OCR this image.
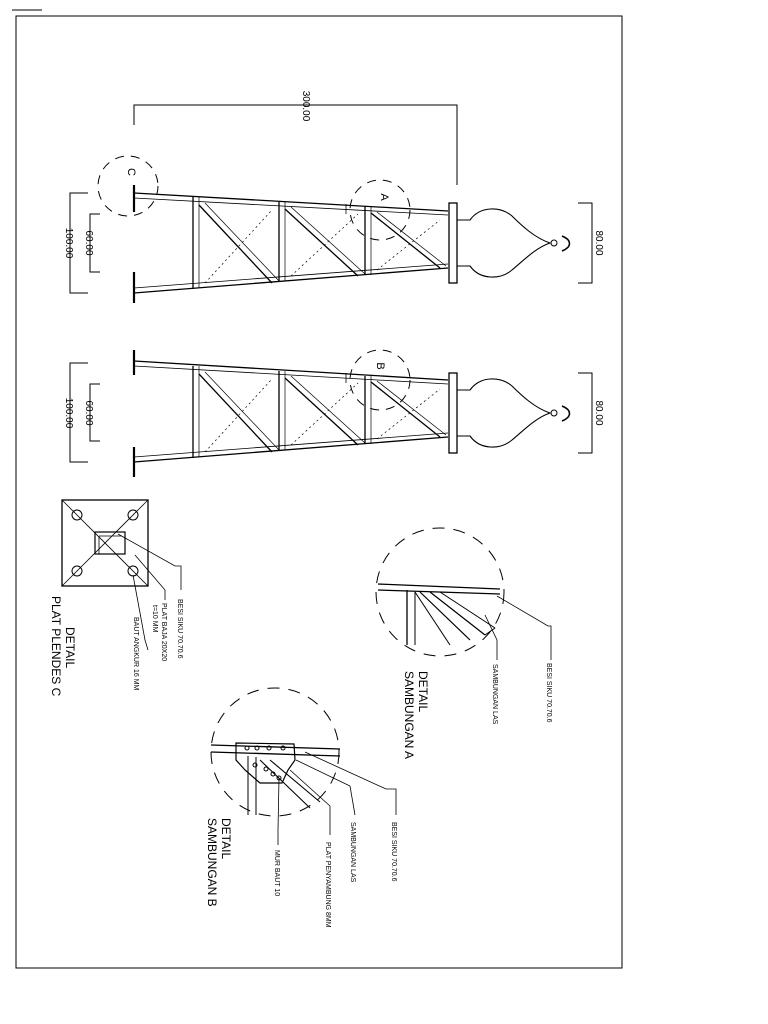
300.00
100.00 60.00	80.00
C
A
100.00 60.00	80.00
B
BESI SIKU 70.70.6
PLAT BAJA 20X20
t=10 MM
BAUT ANGKUR 16 MM
DETAIL
PLAT PLENDES C	BESI SIKU 70.70.6
SAMBUNGAN LAS
DETAIL
SAMBUNGAN A
BESI SIKU 70.70.6
SAMBUNGAN LAS
PLAT PENYAMBUNG 8MM
MUR BAUT 10
DETAIL
SAMBUNGAN B
